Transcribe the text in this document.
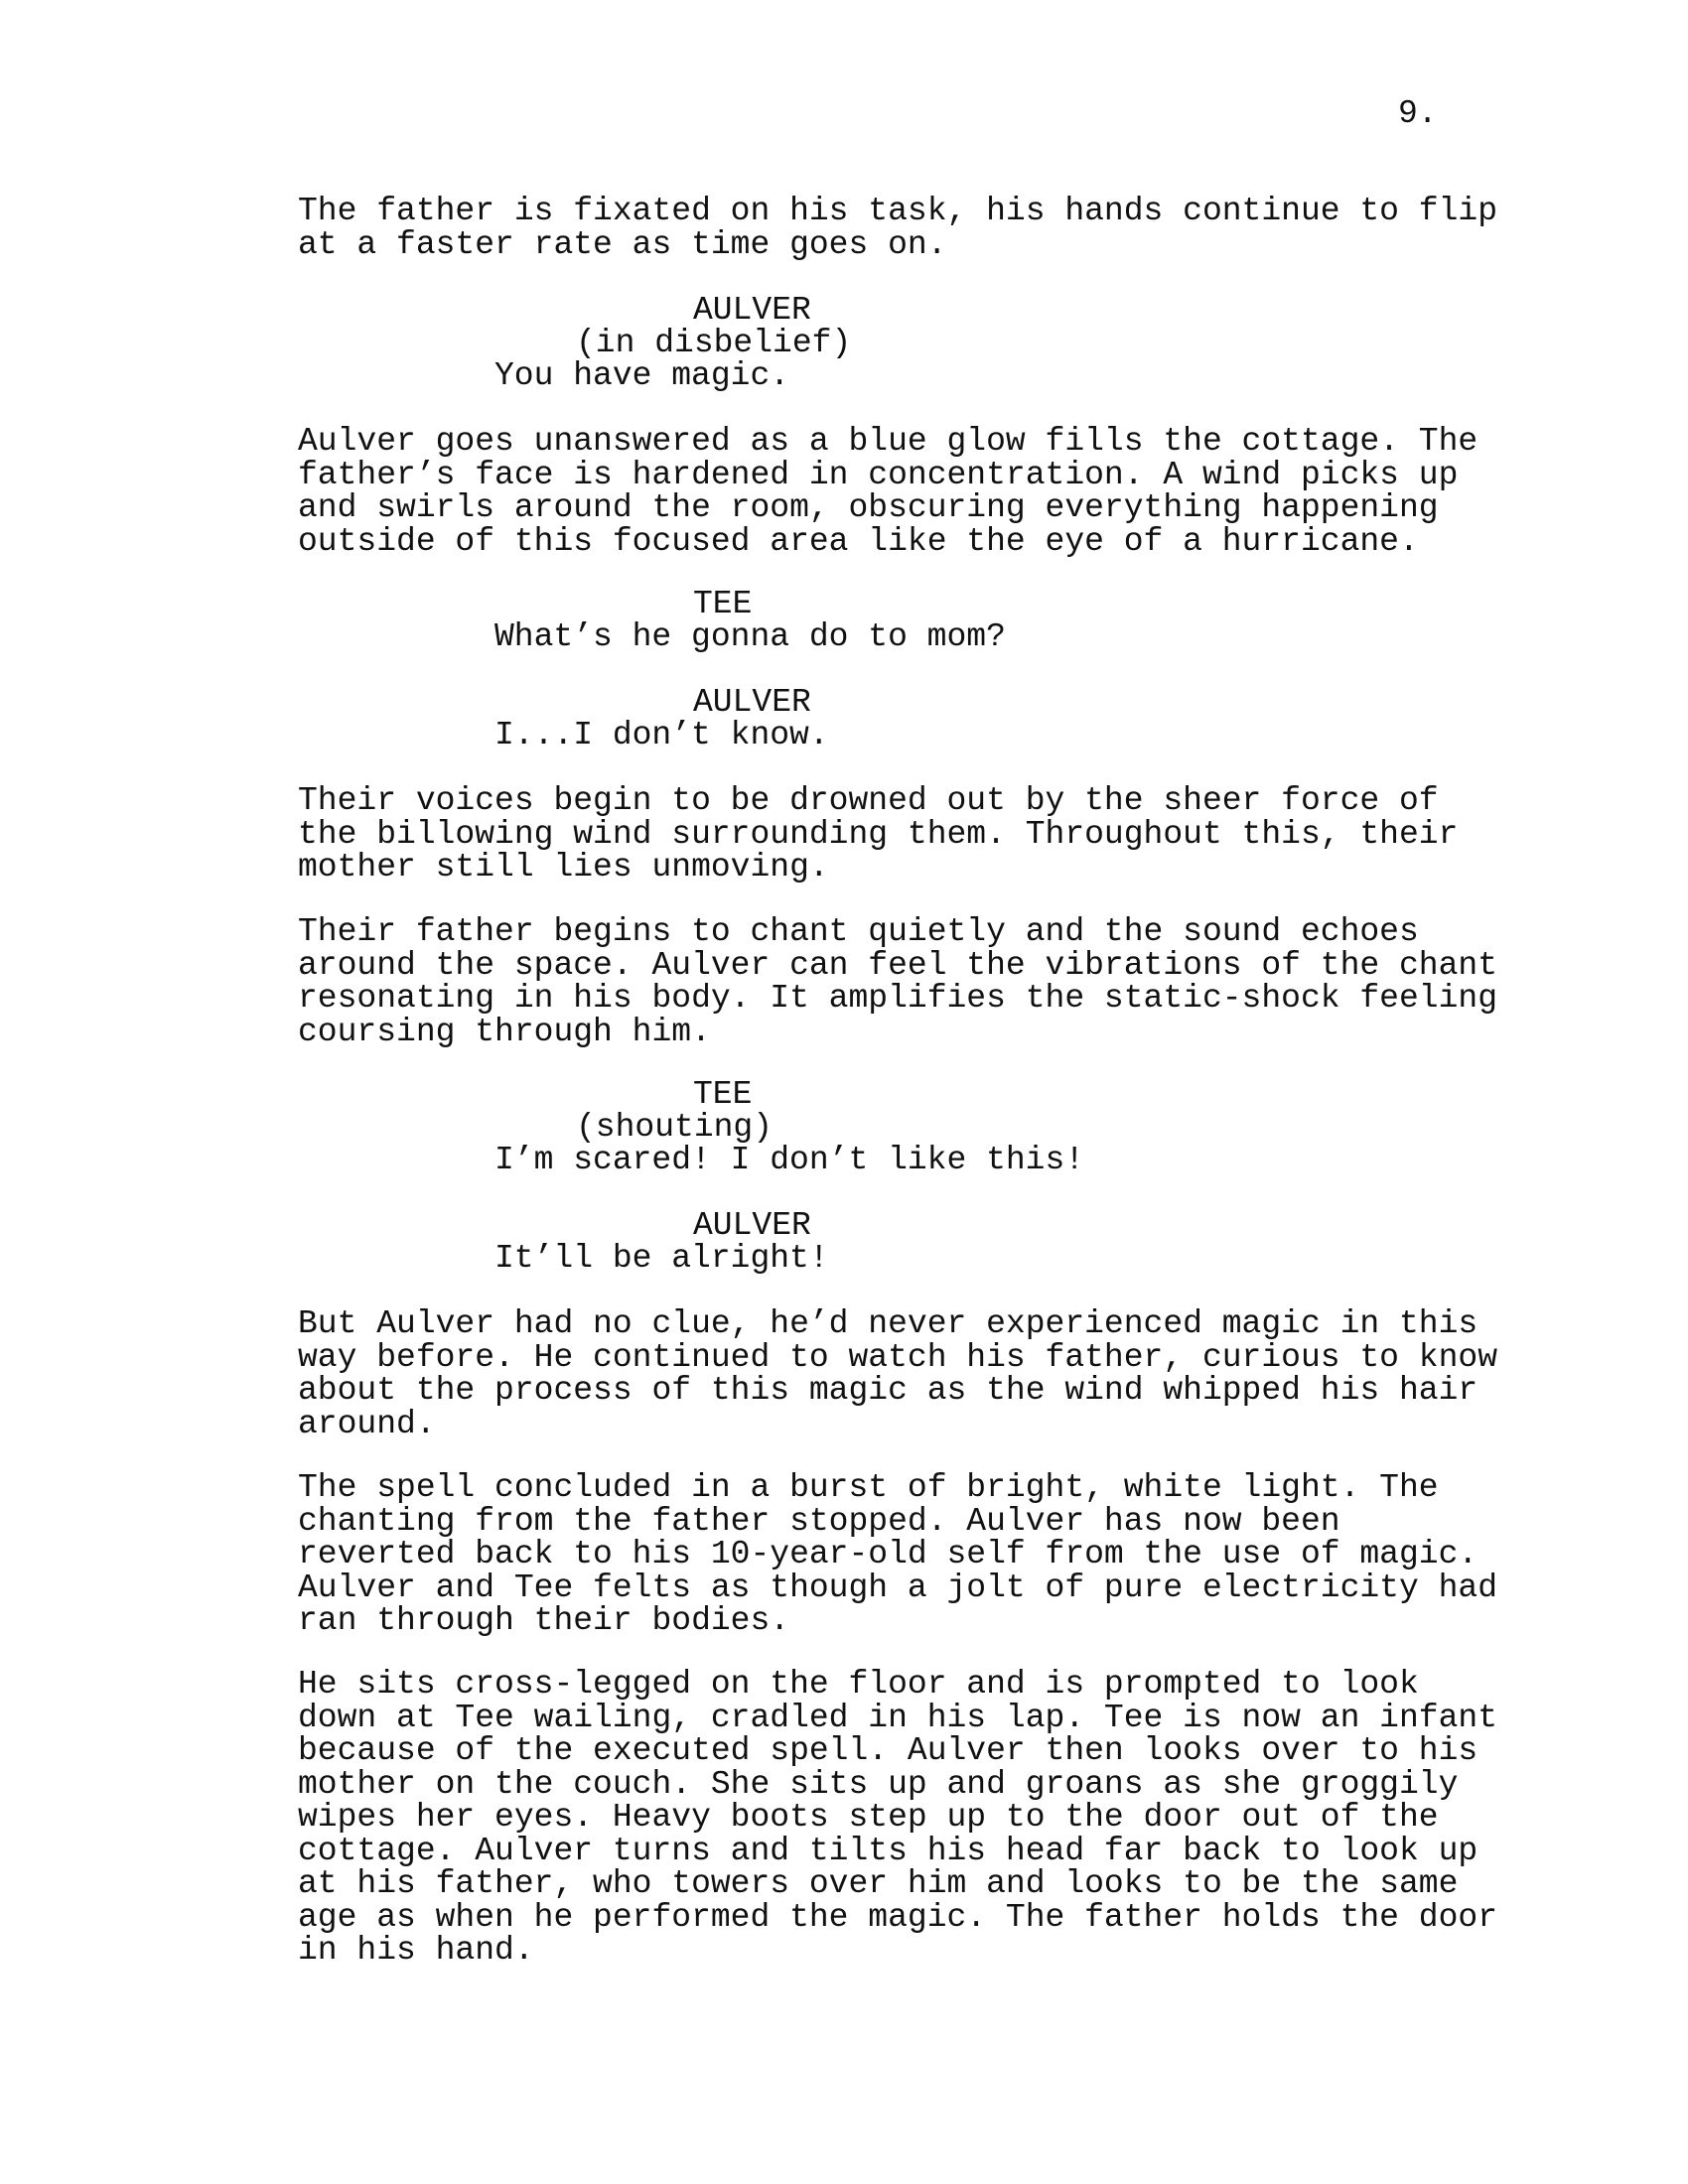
9.

The father is fixated on his task, his hands continue to flip
at a faster rate as time goes on.

AULVER
(in disbelief)
You have magic.

Aulver goes unanswered as a blue glow fills the cottage. The
father’s face is hardened in concentration. A wind picks up
and swirls around the room, obscuring everything happening
outside of this focused area like the eye of a hurricane.

TEE
What’s he gonna do to mom?
AULVER
I...I don’t know.

Their voices begin to be drowned out by the sheer force of
the billowing wind surrounding them. Throughout this, their
mother still lies unmoving.

Their father begins to chant quietly and the sound echoes
around the space. Aulver can feel the vibrations of the chant
resonating in his body. It amplifies the static-shock feeling
coursing through him.

TEE
(shouting)
I’m scared! I don’t like this!
AULVER
It’ll be alright!

But Aulver had no clue, he’d never experienced magic in this
way before. He continued to watch his father, curious to know
about the process of this magic as the wind whipped his hair
around.

The spell concluded in a burst of bright, white light. The
chanting from the father stopped. Aulver has now been
reverted back to his 10-year-old self from the use of magic.
Aulver and Tee felts as though a jolt of pure electricity had
ran through their bodies.

He sits cross-legged on the floor and is prompted to look
down at Tee wailing, cradled in his lap. Tee is now an infant
because of the executed spell. Aulver then looks over to his
mother on the couch. She sits up and groans as she groggily
wipes her eyes. Heavy boots step up to the door out of the
cottage. Aulver turns and tilts his head far back to look up
at his father, who towers over him and looks to be the same
age as when he performed the magic. The father holds the door
in his hand.
